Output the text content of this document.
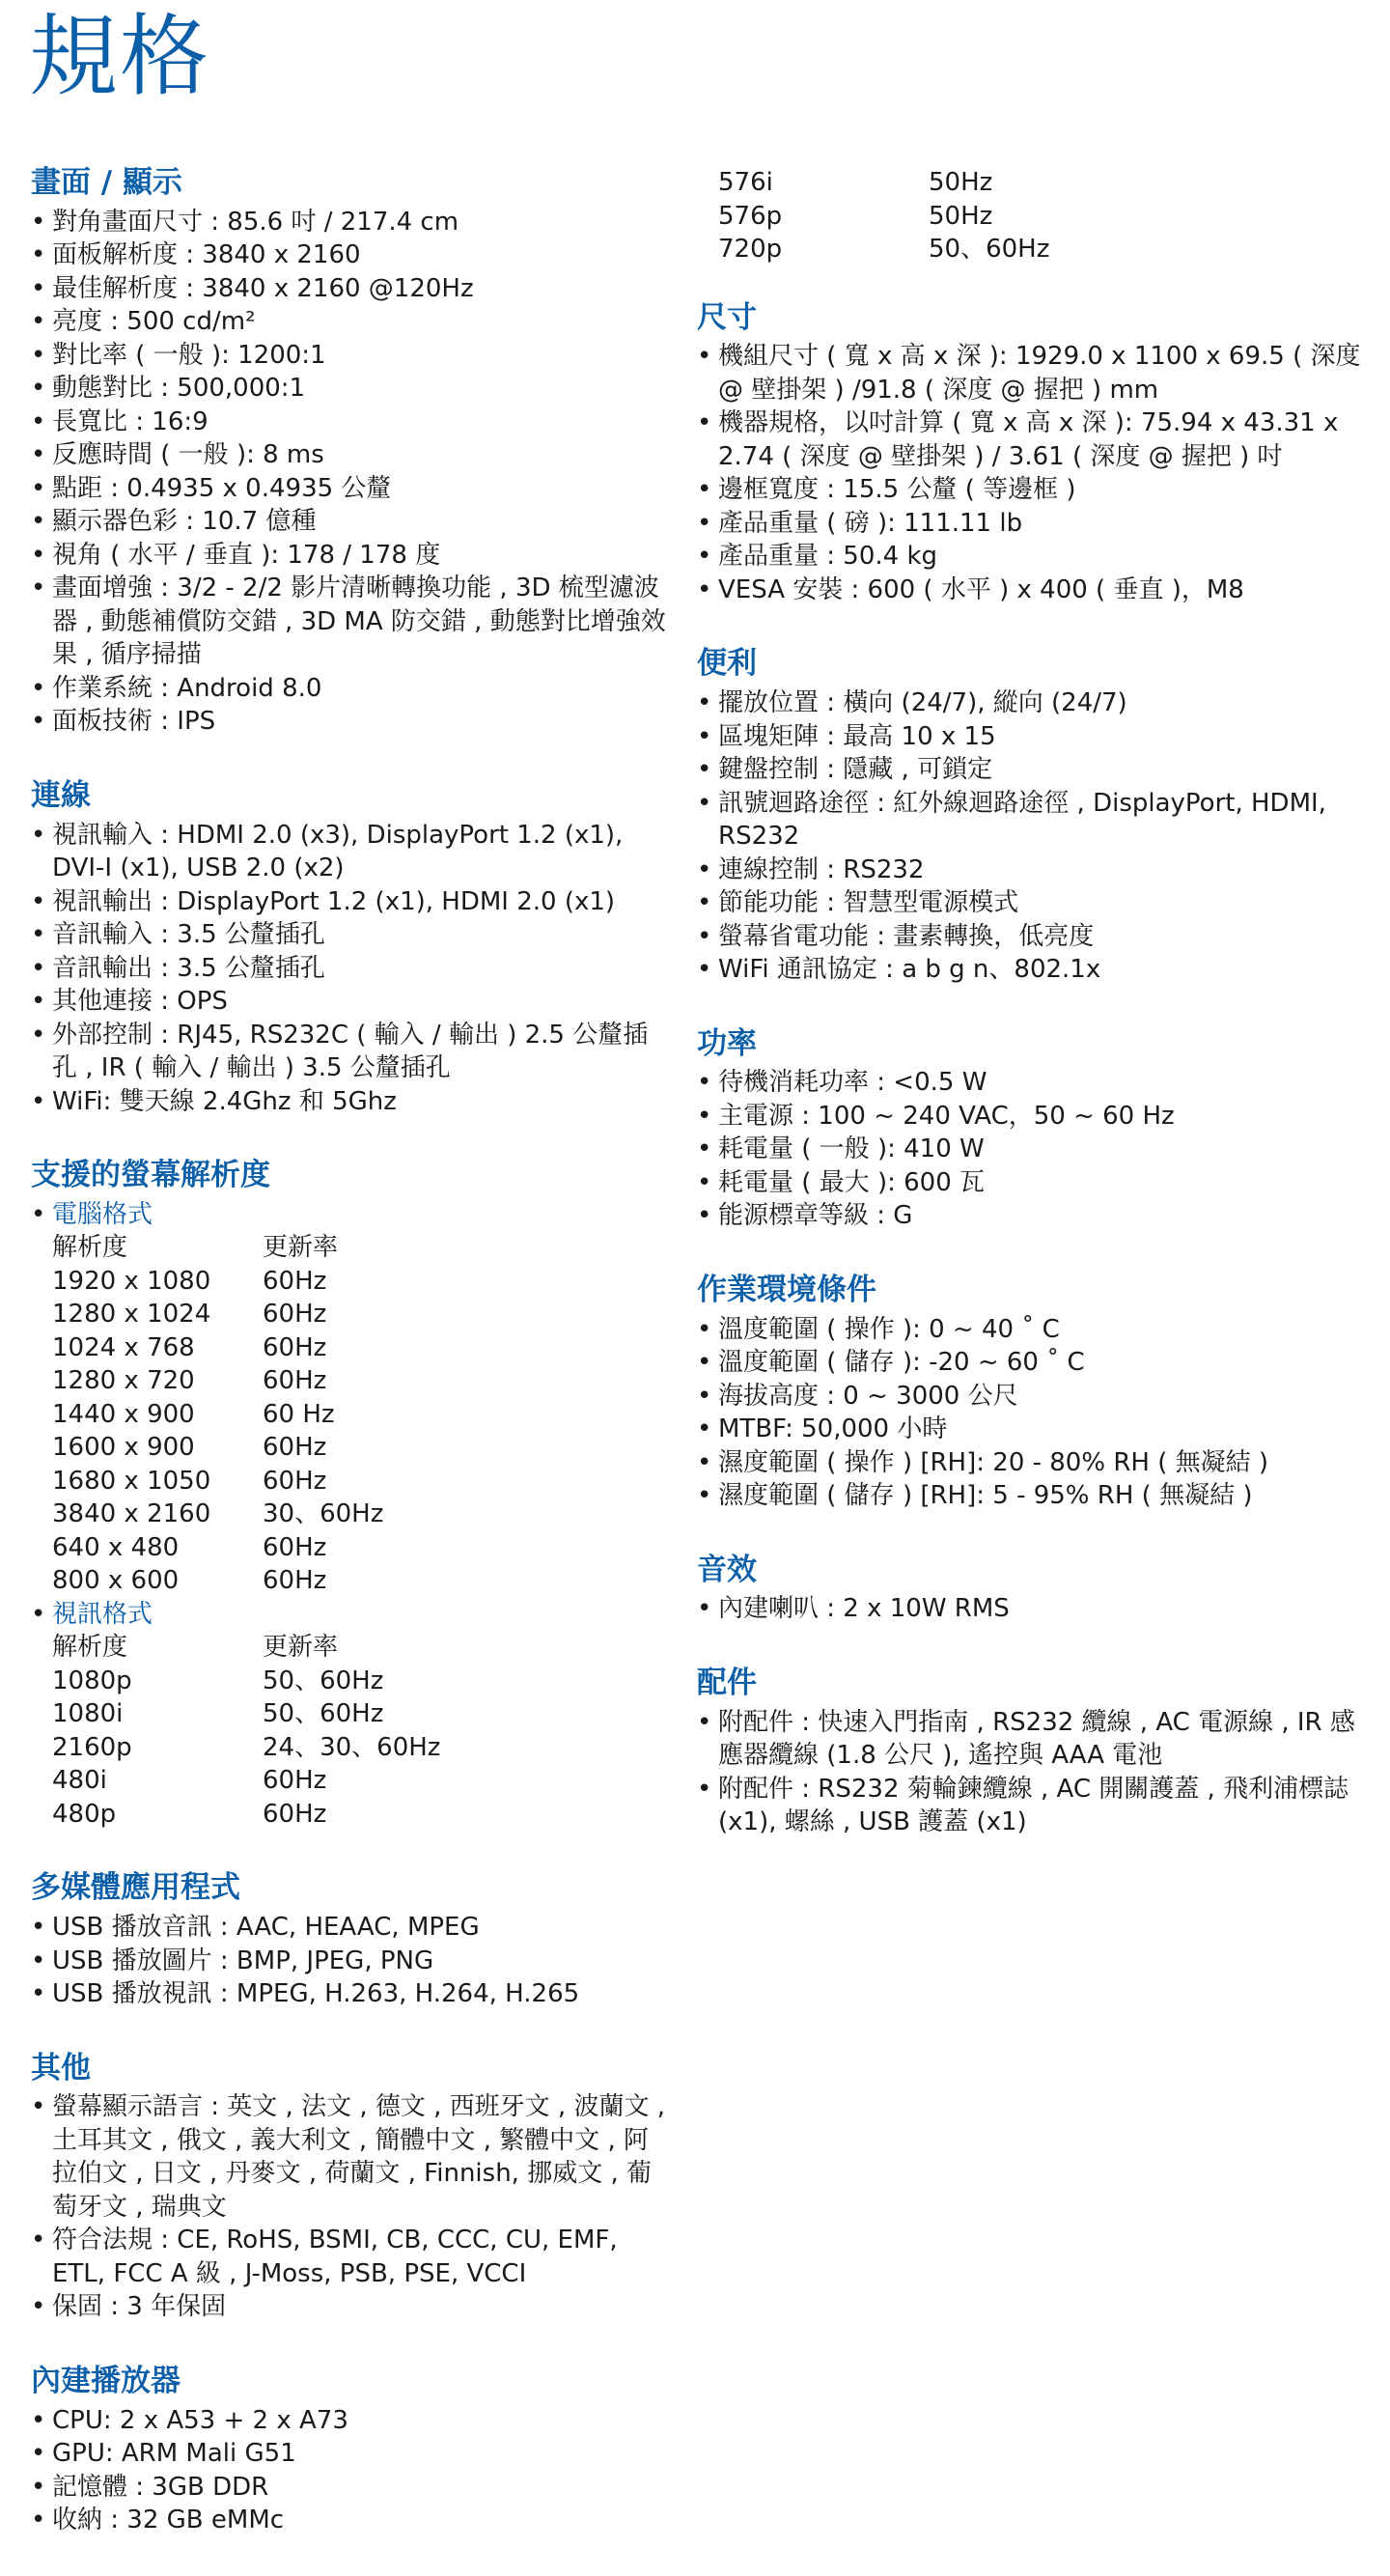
規格
畫面 / 顯示
• 對角畫面尺寸 : 85.6 吋 / 217.4 cm
• 面板解析度 : 3840 x 2160
• 最佳解析度 : 3840 x 2160 @120Hz
• 亮度 : 500 cd/m²
• 對比率 ( 一般 ): 1200:1
• 動態對比 : 500,000:1
• 長寬比 : 16:9
• 反應時間 ( 一般 ): 8 ms
• 點距 : 0.4935 x 0.4935 公釐
• 顯示器色彩 : 10.7 億種
• 視角 ( 水平 / 垂直 ): 178 / 178 度
• 畫面增強 : 3/2 - 2/2 影片清晰轉換功能 , 3D 梳型濾波器 , 動態補償防交錯 , 3D MA 防交錯 , 動態對比增強效果 , 循序掃描
• 作業系統 : Android 8.0
• 面板技術 : IPS
連線
• 視訊輸入 : HDMI 2.0 (x3), DisplayPort 1.2 (x1), DVI-I (x1), USB 2.0 (x2)
• 視訊輸出 : DisplayPort 1.2 (x1), HDMI 2.0 (x1)
• 音訊輸入 : 3.5 公釐插孔
• 音訊輸出 : 3.5 公釐插孔
• 其他連接 : OPS
• 外部控制 : RJ45, RS232C ( 輸入 / 輸出 ) 2.5 公釐插孔 , IR ( 輸入 / 輸出 ) 3.5 公釐插孔
• WiFi: 雙天線 2.4Ghz 和 5Ghz
支援的螢幕解析度
• 電腦格式
解析度	更新率
1920 x 1080	60Hz
1280 x 1024	60Hz
1024 x 768	60Hz
1280 x 720	60Hz
1440 x 900	60 Hz
1600 x 900	60Hz
1680 x 1050	60Hz
3840 x 2160	30、60Hz
640 x 480	60Hz
800 x 600	60Hz
• 視訊格式
解析度	更新率
1080p	50、60Hz
1080i	50、60Hz
2160p	24、30、60Hz
480i	60Hz
480p	60Hz
多媒體應用程式
• USB 播放音訊 : AAC, HEAAC, MPEG
• USB 播放圖片 : BMP, JPEG, PNG
• USB 播放視訊 : MPEG, H.263, H.264, H.265
其他
• 螢幕顯示語言 : 英文 , 法文 , 德文 , 西班牙文 , 波蘭文 , 土耳其文 , 俄文 , 義大利文 , 簡體中文 , 繁體中文 , 阿拉伯文 , 日文 , 丹麥文 , 荷蘭文 , Finnish, 挪威文 , 葡萄牙文 , 瑞典文
• 符合法規 : CE, RoHS, BSMI, CB, CCC, CU, EMF, ETL, FCC A 級 , J-Moss, PSB, PSE, VCCI
• 保固 : 3 年保固
內建播放器
• CPU: 2 x A53 + 2 x A73
• GPU: ARM Mali G51
• 記憶體 : 3GB DDR
• 收納 : 32 GB eMMc
576i	50Hz
576p	50Hz
720p	50、60Hz
尺寸
• 機組尺寸 ( 寬 x 高 x 深 ): 1929.0 x 1100 x 69.5 ( 深度 @ 壁掛架 ) /91.8 ( 深度 @ 握把 ) mm
• 機器規格，以吋計算 ( 寬 x 高 x 深 ): 75.94 x 43.31 x 2.74 ( 深度 @ 壁掛架 ) / 3.61 ( 深度 @ 握把 ) 吋
• 邊框寬度 : 15.5 公釐 ( 等邊框 )
• 產品重量 ( 磅 ): 111.11 lb
• 產品重量 : 50.4 kg
• VESA 安裝 : 600 ( 水平 ) x 400 ( 垂直 )，M8
便利
• 擺放位置 : 橫向 (24/7), 縱向 (24/7)
• 區塊矩陣 : 最高 10 x 15
• 鍵盤控制 : 隱藏 , 可鎖定
• 訊號迴路途徑 : 紅外線迴路途徑 , DisplayPort, HDMI, RS232
• 連線控制 : RS232
• 節能功能 : 智慧型電源模式
• 螢幕省電功能 : 畫素轉換，低亮度
• WiFi 通訊協定 : a b g n、802.1x
功率
• 待機消耗功率 : <0.5 W
• 主電源 : 100 ~ 240 VAC，50 ~ 60 Hz
• 耗電量 ( 一般 ): 410 W
• 耗電量 ( 最大 ): 600 瓦
• 能源標章等級 : G
作業環境條件
• 溫度範圍 ( 操作 ): 0 ~ 40 ˚ C
• 溫度範圍 ( 儲存 ): -20 ~ 60 ˚ C
• 海拔高度 : 0 ~ 3000 公尺
• MTBF: 50,000 小時
• 濕度範圍 ( 操作 ) [RH]: 20 - 80% RH ( 無凝結 )
• 濕度範圍 ( 儲存 ) [RH]: 5 - 95% RH ( 無凝結 )
音效
• 內建喇叭 : 2 x 10W RMS
配件
• 附配件 : 快速入門指南 , RS232 纜線 , AC 電源線 , IR 感應器纜線 (1.8 公尺 ), 遙控與 AAA 電池
• 附配件 : RS232 菊輪鍊纜線 , AC 開關護蓋 , 飛利浦標誌 (x1), 螺絲 , USB 護蓋 (x1)
